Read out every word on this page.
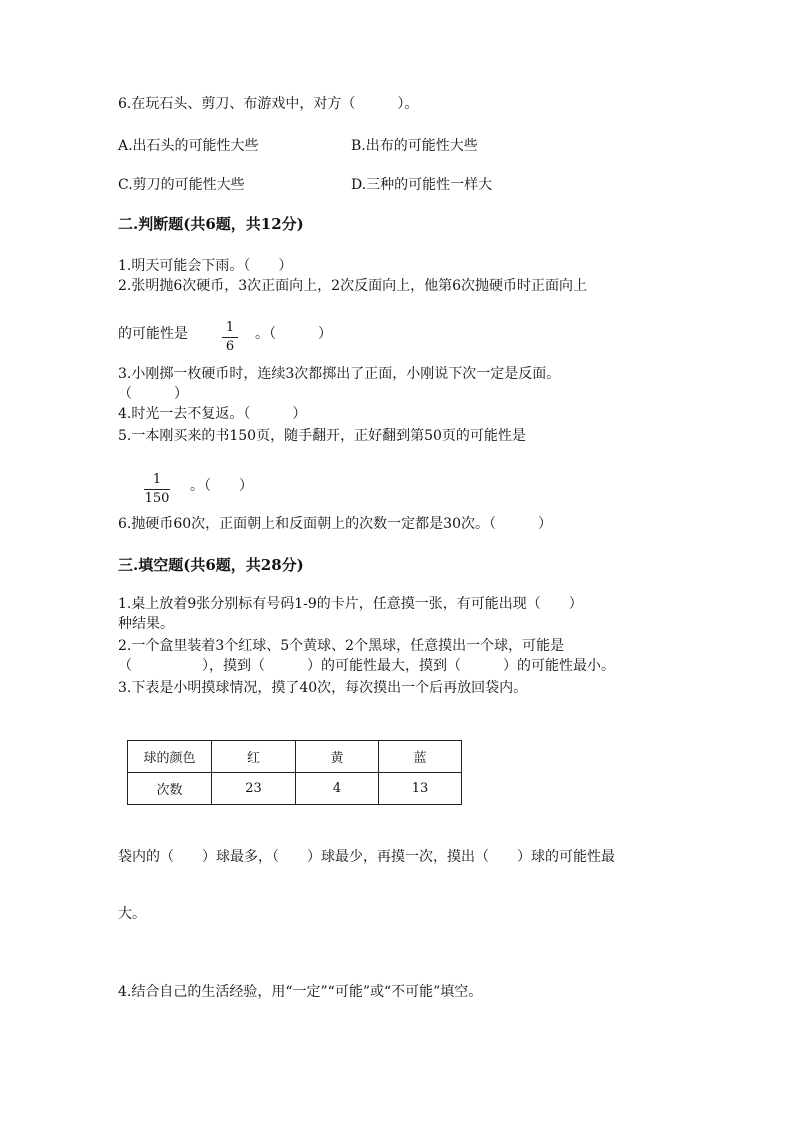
6.在玩石头、剪刀、布游戏中，对方（　　　）。
A.出石头的可能性大些	B.出布的可能性大些
C.剪刀的可能性大些	D.三种的可能性一样大
二.判断题(共6题，共12分)
1.明天可能会下雨。（　　）
2.张明抛6次硬币，3次正面向上，2次反面向上，他第6次抛硬币时正面向上
的可能性是	1
6
。（　　　）
3.小刚掷一枚硬币时，连续3次都掷出了正面，小刚说下次一定是反面。
（　　　）
4.时光一去不复返。（　　　）
5.一本刚买来的书150页，随手翻开，正好翻到第50页的可能性是
1
150
。（　　）
6.抛硬币60次，正面朝上和反面朝上的次数一定都是30次。（　　　）
三.填空题(共6题，共28分)
1.桌上放着9张分别标有号码1-9的卡片，任意摸一张，有可能出现（　　）
种结果。
2.一个盒里装着3个红球、5个黄球、2个黑球，任意摸出一个球，可能是
（　　　　　），摸到（　　　）的可能性最大，摸到（　　　）的可能性最小。
3.下表是小明摸球情况，摸了40次，每次摸出一个后再放回袋内。
球的颜色	红	黄	蓝
次数	23	4	13
袋内的（　　）球最多，（　　）球最少，再摸一次，摸出（　　）球的可能性最
大。
4.结合自己的生活经验，用“一定”“可能”或“不可能”填空。
